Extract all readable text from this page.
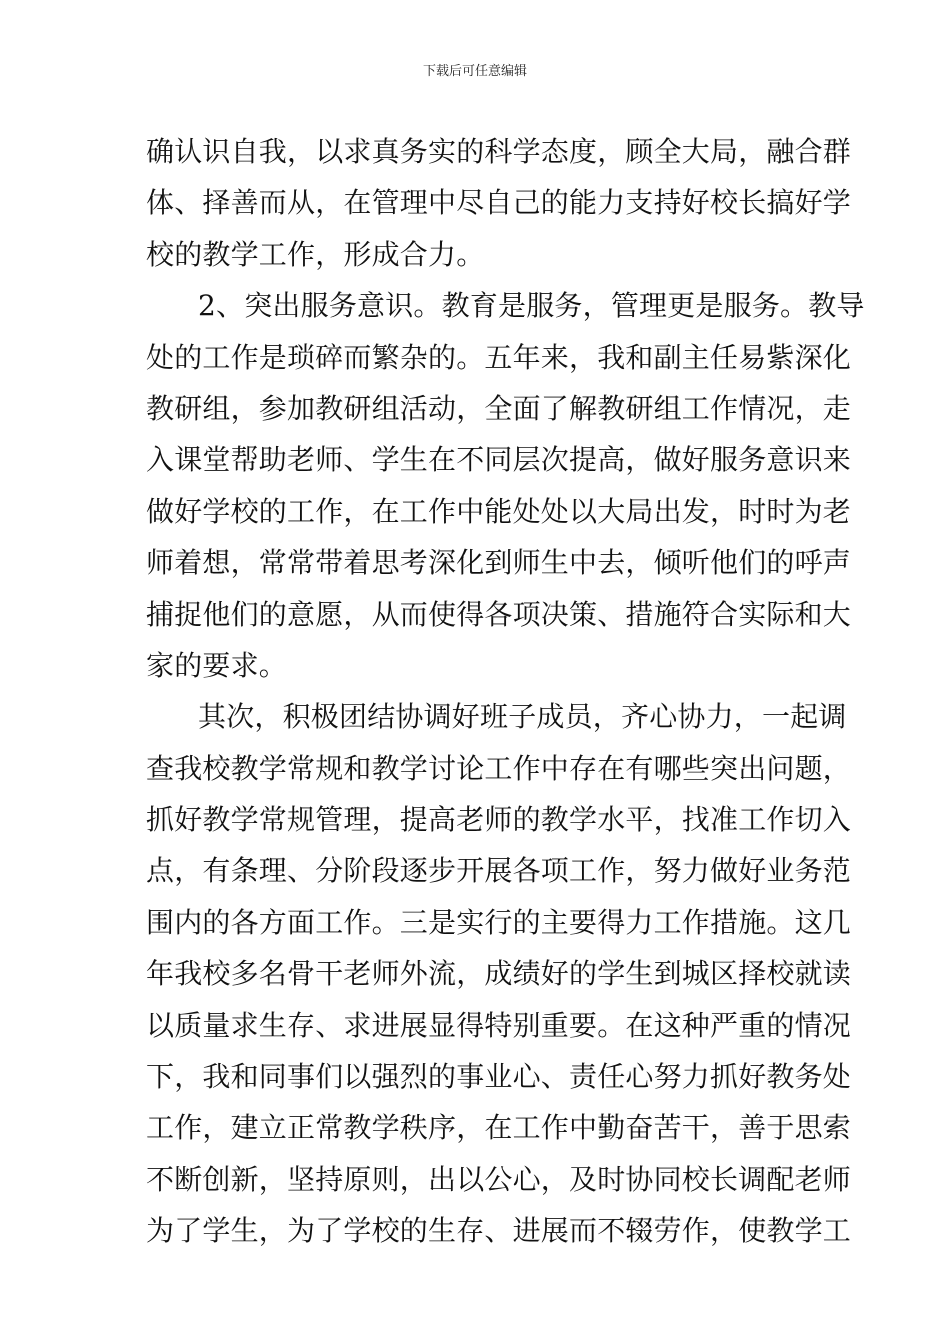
下载后可任意编辑
确认识自我，以求真务实的科学态度，顾全大局，融合群
体、择善而从，在管理中尽自己的能力支持好校长搞好学
校的教学工作，形成合力。
2、突出服务意识。教育是服务，管理更是服务。教导
处的工作是琐碎而繁杂的。五年来，我和副主任易紫深化
教研组，参加教研组活动，全面了解教研组工作情况，走
入课堂帮助老师、学生在不同层次提高，做好服务意识来
做好学校的工作，在工作中能处处以大局出发，时时为老
师着想，常常带着思考深化到师生中去，倾听他们的呼声
捕捉他们的意愿，从而使得各项决策、措施符合实际和大
家的要求。
其次，积极团结协调好班子成员，齐心协力，一起调
查我校教学常规和教学讨论工作中存在有哪些突出问题，
抓好教学常规管理，提高老师的教学水平，找准工作切入
点，有条理、分阶段逐步开展各项工作，努力做好业务范
围内的各方面工作。三是实行的主要得力工作措施。这几
年我校多名骨干老师外流，成绩好的学生到城区择校就读
以质量求生存、求进展显得特别重要。在这种严重的情况
下，我和同事们以强烈的事业心、责任心努力抓好教务处
工作，建立正常教学秩序，在工作中勤奋苦干，善于思索
不断创新，坚持原则，出以公心，及时协同校长调配老师
为了学生，为了学校的生存、进展而不辍劳作，使教学工
